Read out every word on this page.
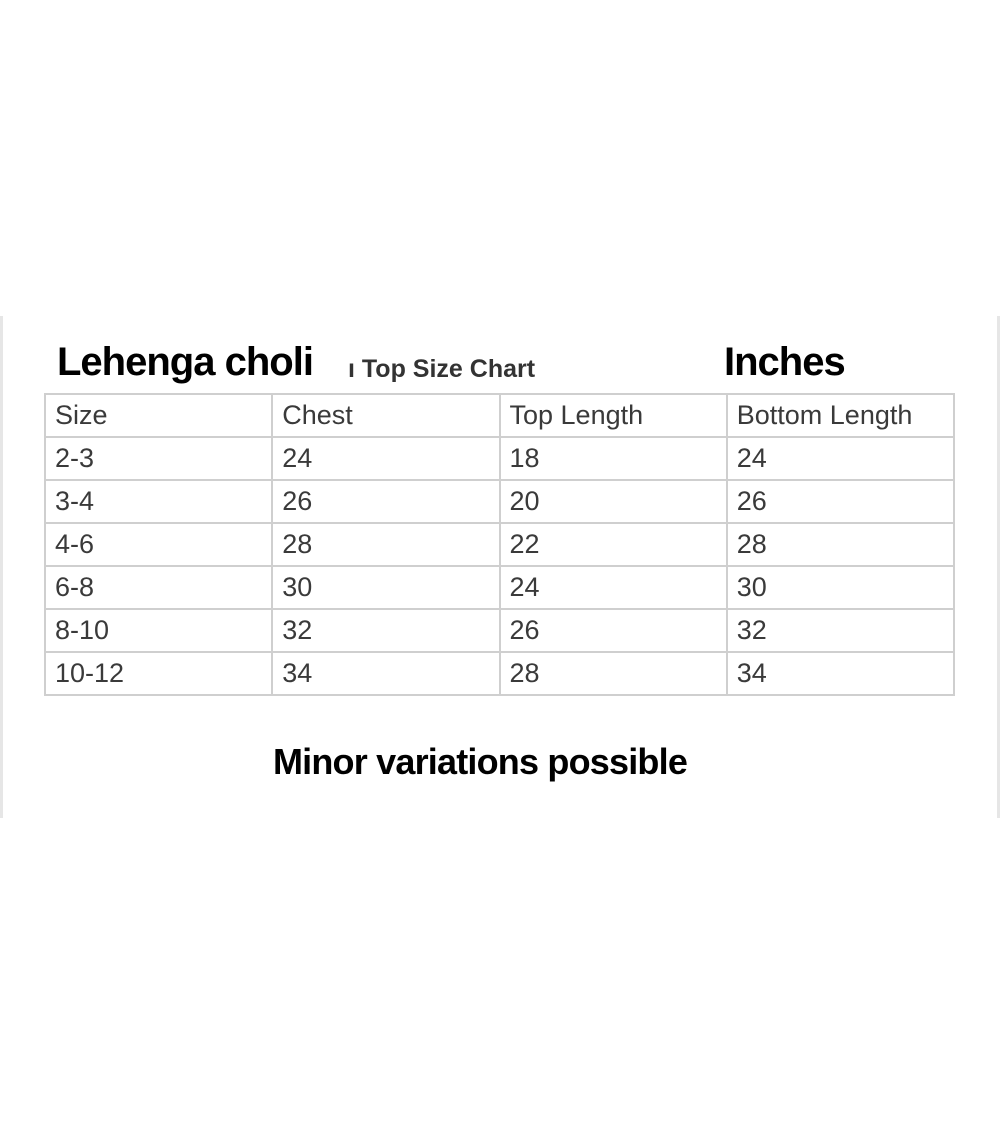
Lehenga choli ı Top Size Chart	Inches
Size	Chest	Top Length	Bottom Length
2-3	24	18	24
3-4	26	20	26
4-6	28	22	28
6-8	30	24	30
8-10	32	26	32
10-12	34	28	34

Minor variations possible
